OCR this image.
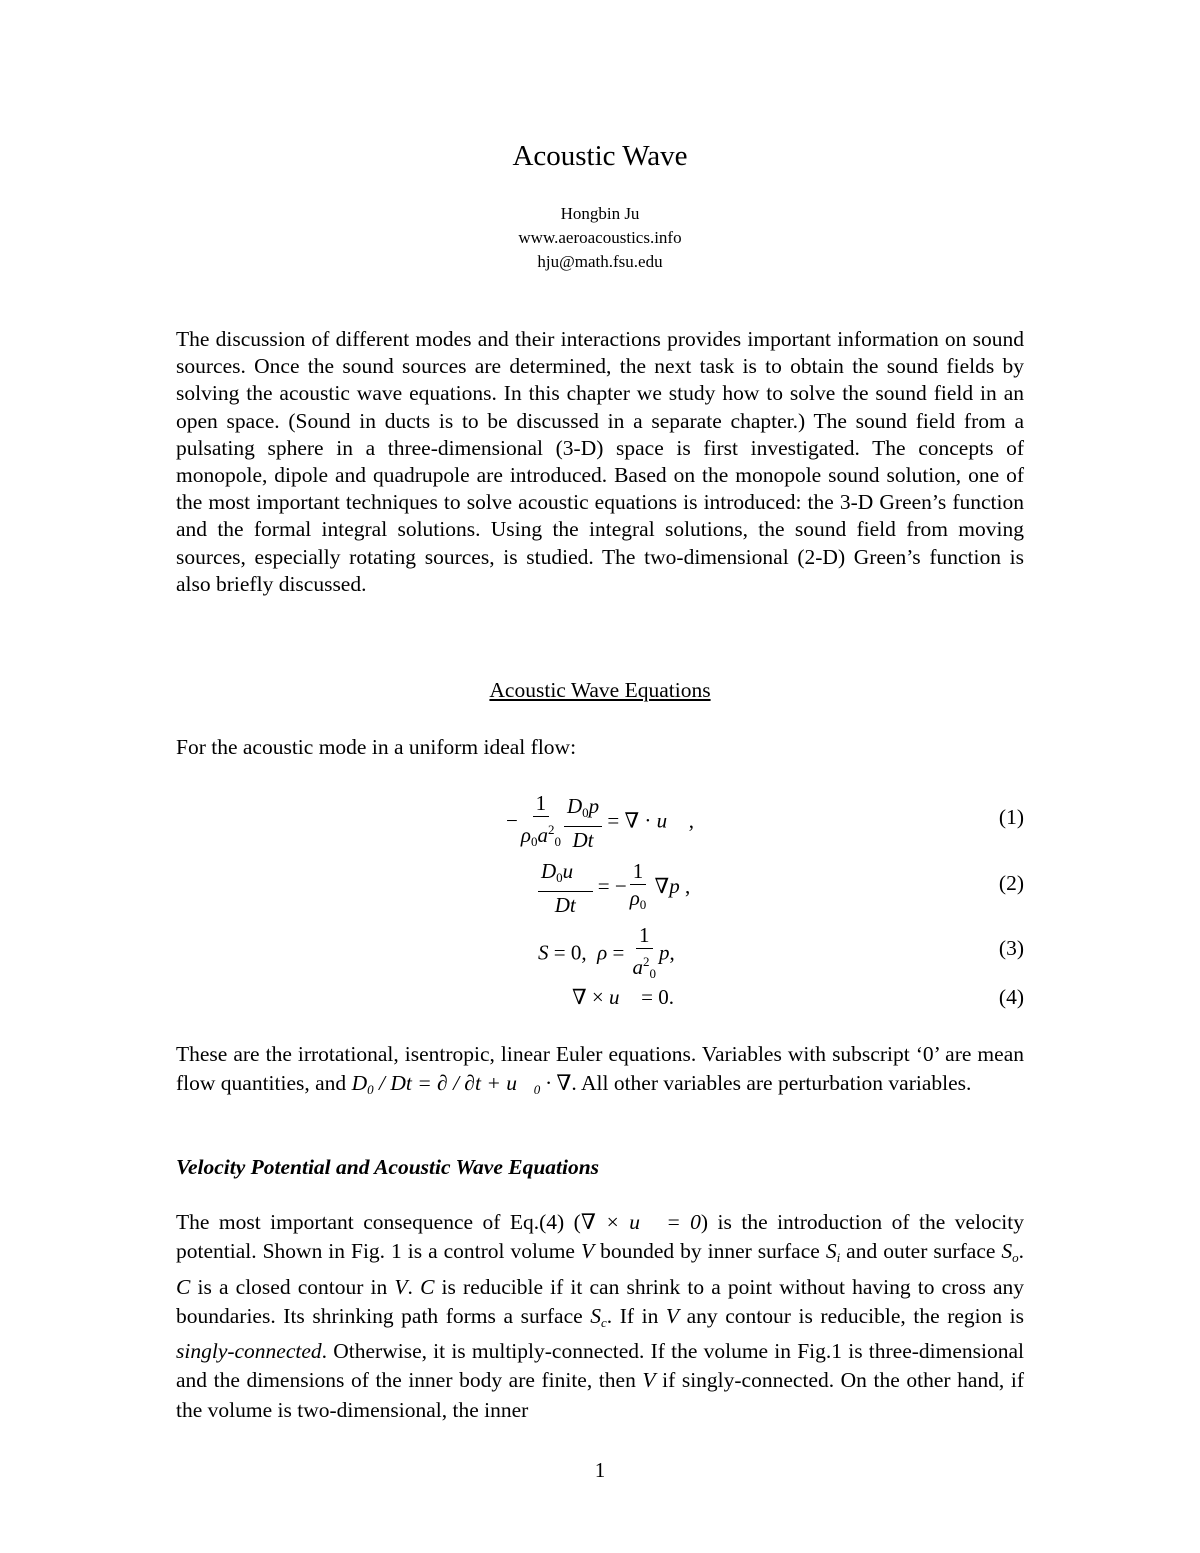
Acoustic Wave
Hongbin Ju
www.aeroacoustics.info
hju@math.fsu.edu

The discussion of different modes and their interactions provides important information on sound sources. Once the sound sources are determined, the next task is to obtain the sound fields by solving the acoustic wave equations. In this chapter we study how to solve the sound field in an open space. (Sound in ducts is to be discussed in a separate chapter.) The sound field from a pulsating sphere in a three-dimensional (3-D) space is first investigated. The concepts of monopole, dipole and quadrupole are introduced. Based on the monopole sound solution, one of the most important techniques to solve acoustic equations is introduced: the 3-D Green’s function and the formal integral solutions. Using the integral solutions, the sound field from moving sources, especially rotating sources, is studied. The two-dimensional (2-D) Green’s function is also briefly discussed.

Acoustic Wave Equations

For the acoustic mode in a uniform ideal flow:

− $\frac{1}{\rho_0a^2_0} \frac{D_0p}{Dt}$ = ∇ · u⃗ ,	(1)
$\frac{D_0u⃗}{Dt}$ = − $\frac{1}{\rho_0} \nabla p$ ,	(2)
S = 0,  $\rho = \frac{1}{a^2_0} p$,	(3)
∇ × u⃗ = 0.	(4)

These are the irrotational, isentropic, linear Euler equations. Variables with subscript ‘0’ are mean flow quantities, and $D_0$ / Dt = ∂ / $\partial t + u⃗_0$ · ∇. All other variables are perturbation variables.

Velocity Potential and Acoustic Wave Equations

The most important consequence of Eq.(4) (∇ × u⃗ = 0) is the introduction of the velocity potential. Shown in Fig. 1 is a control volume V bounded by inner surface $S_i$ and outer surface $S_o$. C is a closed contour in V. C is reducible if it can shrink to a point without having to cross any boundaries. Its shrinking path forms a surface $S_c$. If in V any contour is reducible, the region is singly-connected. Otherwise, it is multiply-connected. If the volume in Fig.1 is three-dimensional and the dimensions of the inner body are finite, then V if singly-connected. On the other hand, if the volume is two-dimensional, the inner

1
